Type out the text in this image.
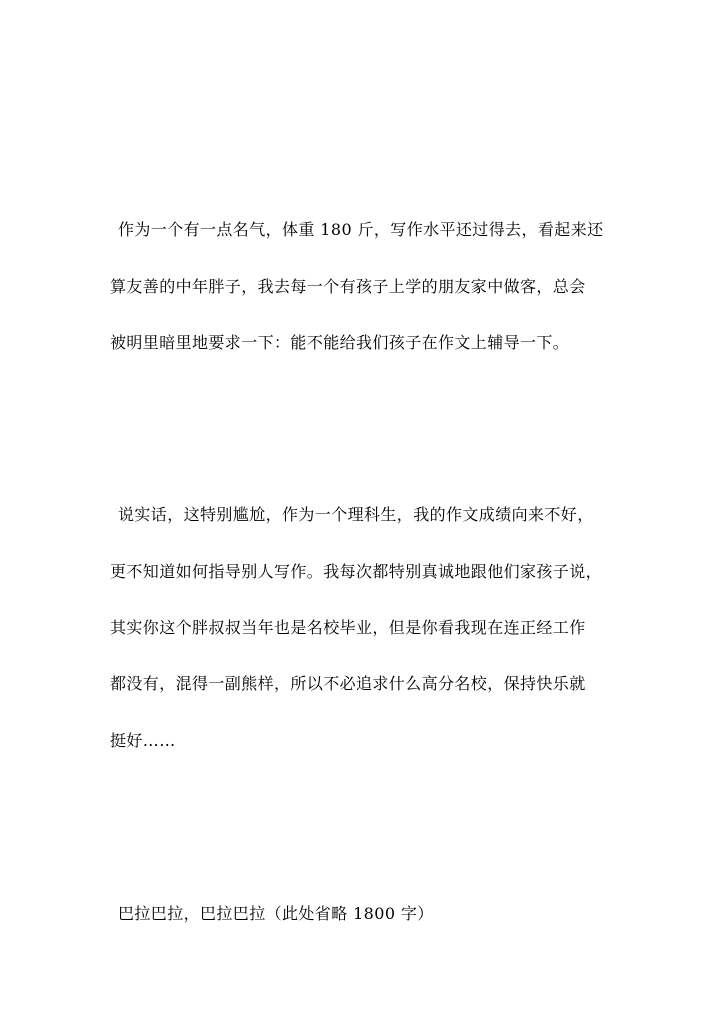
作为一个有一点名气，体重 180 斤，写作水平还过得去，看起来还
算友善的中年胖子，我去每一个有孩子上学的朋友家中做客，总会
被明里暗里地要求一下：能不能给我们孩子在作文上辅导一下。
说实话，这特别尴尬，作为一个理科生，我的作文成绩向来不好，
更不知道如何指导别人写作。我每次都特别真诚地跟他们家孩子说，
其实你这个胖叔叔当年也是名校毕业，但是你看我现在连正经工作
都没有，混得一副熊样，所以不必追求什么高分名校，保持快乐就
挺好……
巴拉巴拉，巴拉巴拉（此处省略 1800 字）
